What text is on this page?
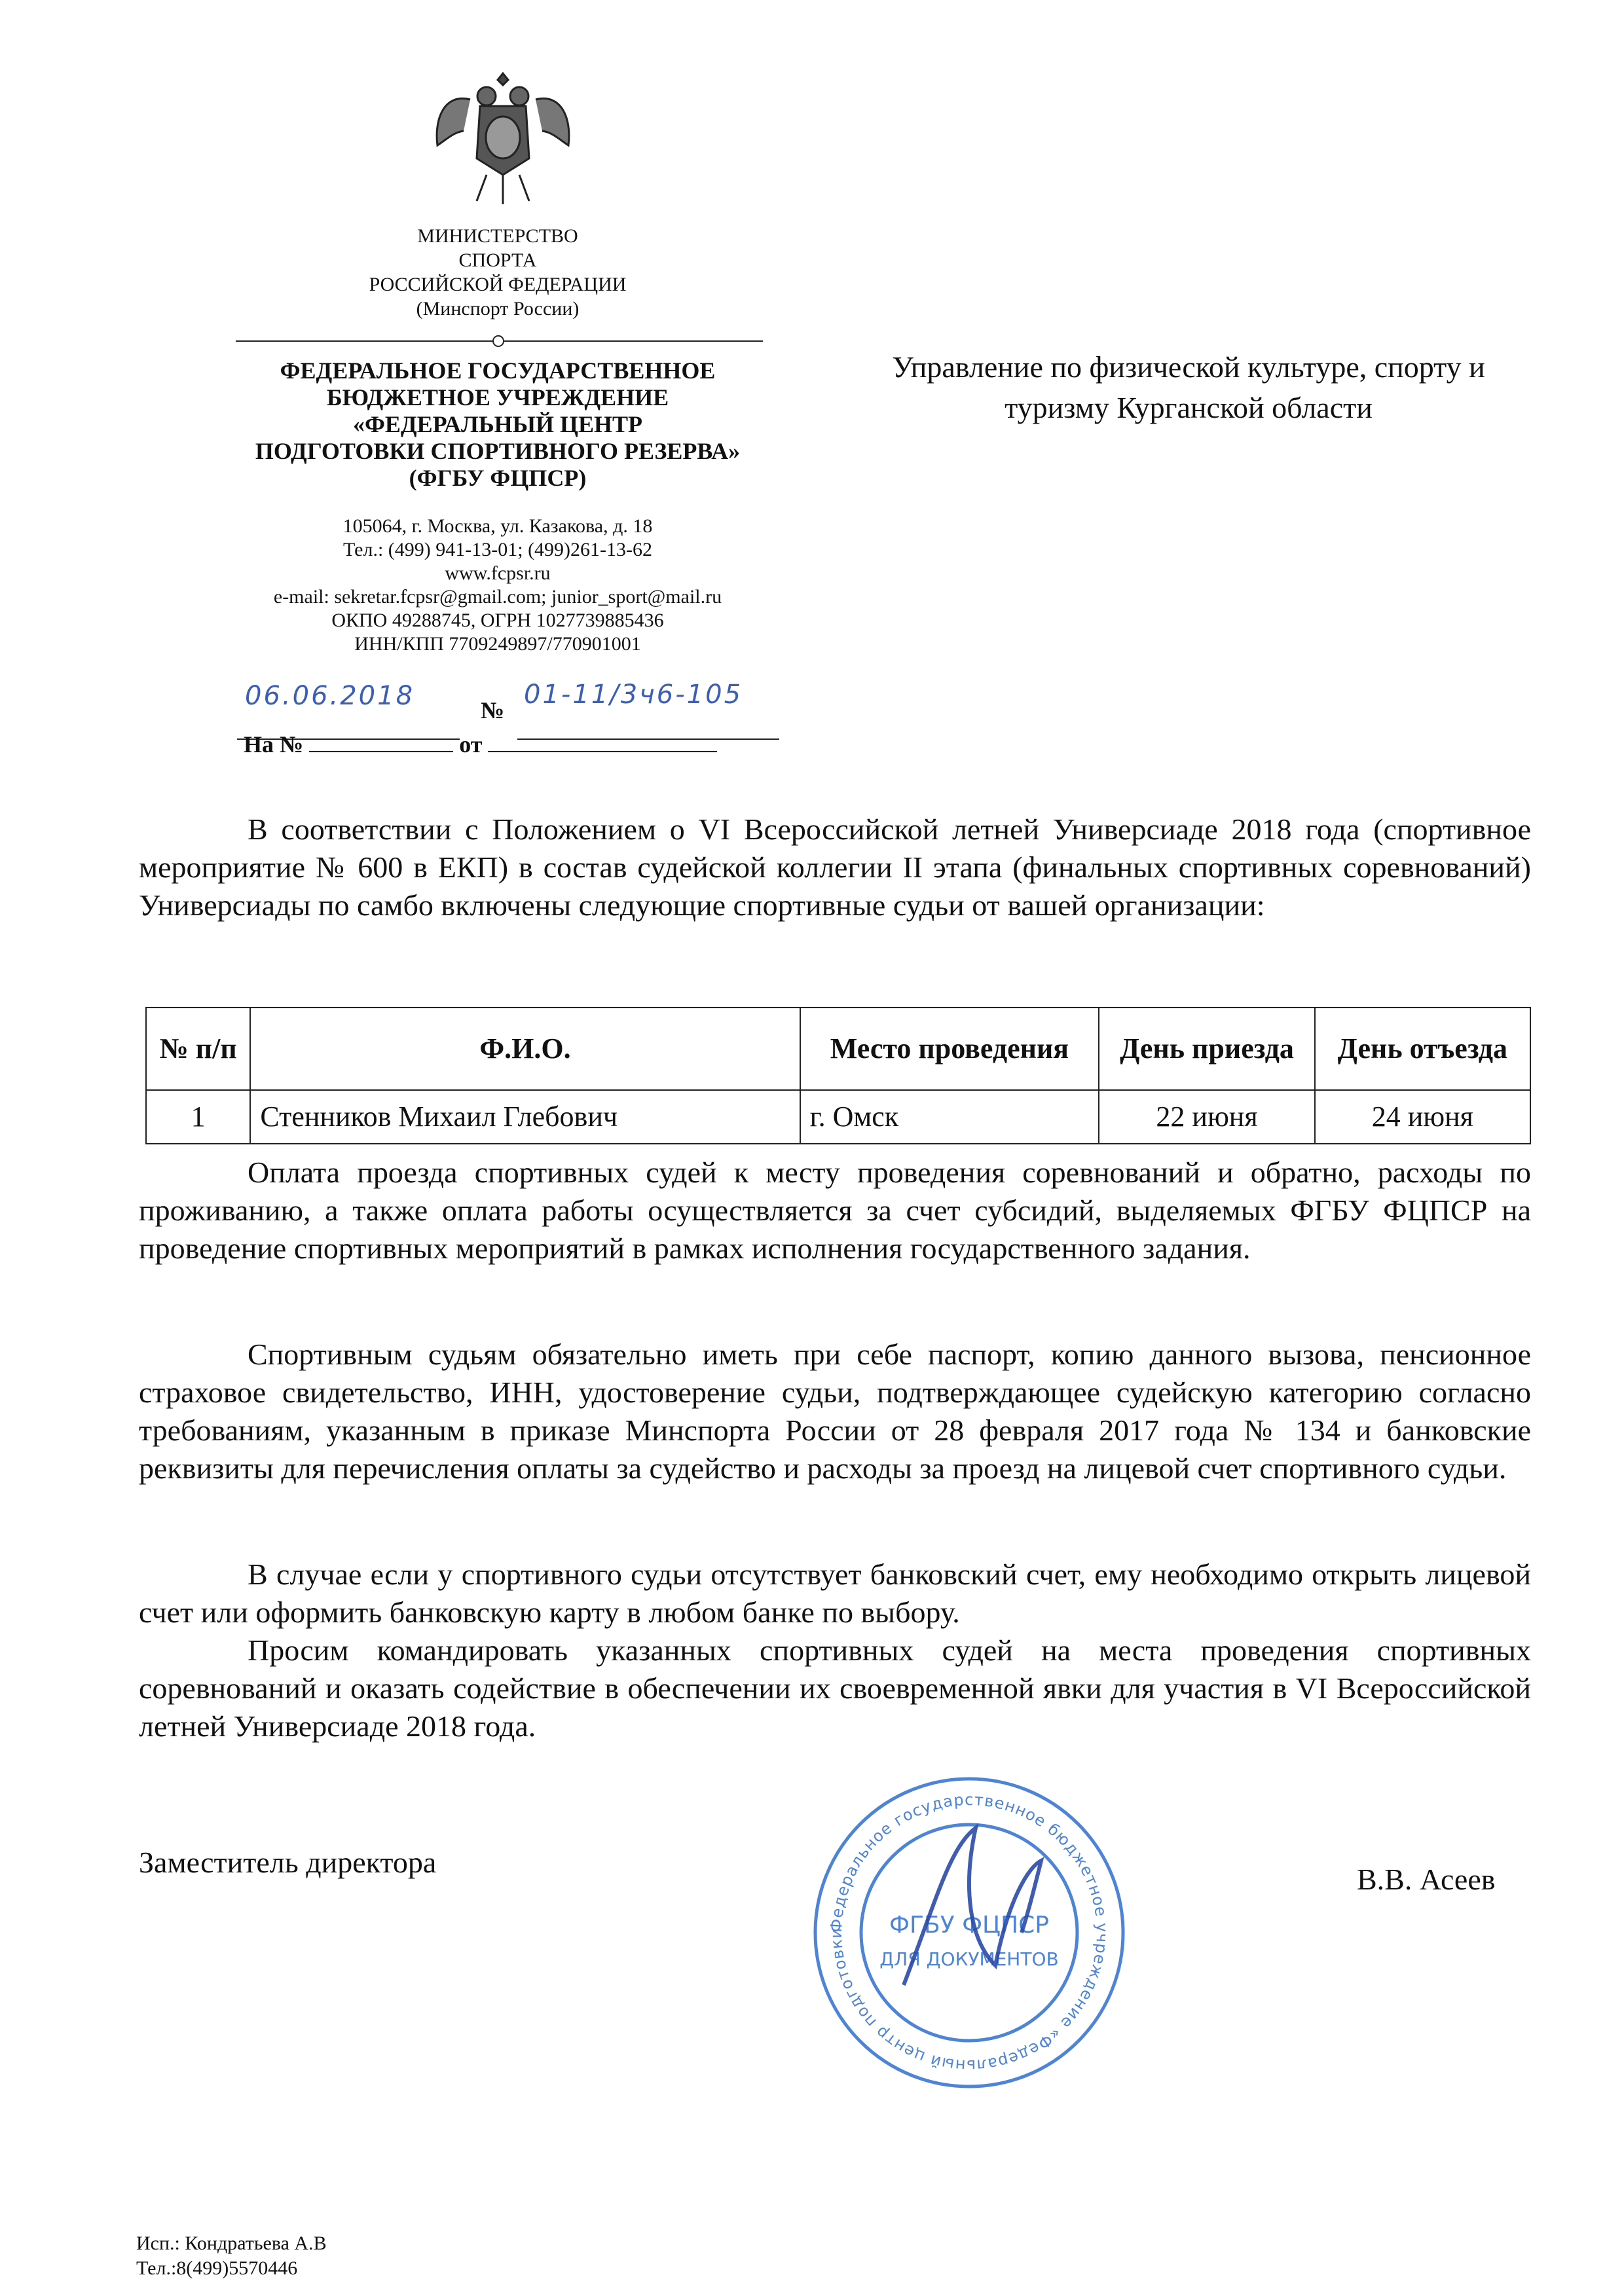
МИНИСТЕРСТВО
СПОРТА
РОССИЙСКОЙ ФЕДЕРАЦИИ
(Минспорт России)
ФЕДЕРАЛЬНОЕ ГОСУДАРСТВЕННОЕ
БЮДЖЕТНОЕ УЧРЕЖДЕНИЕ
«ФЕДЕРАЛЬНЫЙ ЦЕНТР
ПОДГОТОВКИ СПОРТИВНОГО РЕЗЕРВА»
(ФГБУ ФЦПСР)
105064, г. Москва, ул. Казакова, д. 18
Тел.: (499) 941-13-01; (499)261-13-62
www.fcpsr.ru
e-mail: sekretar.fcpsr@gmail.com; junior_sport@mail.ru
ОКПО 49288745, ОГРН 1027739885436
ИНН/КПП 7709249897/770901001
06.06.2018	№
01-11/3ч6-105
На №	от
Управление по физической культуре, спорту и туризму Курганской области
В соответствии с Положением о VI Всероссийской летней Универсиаде 2018 года (спортивное мероприятие № 600 в ЕКП) в состав судейской коллегии II этапа (финальных спортивных соревнований) Универсиады по самбо включены следующие спортивные судьи от вашей организации:
№ п/п	Ф.И.О.	Место проведения	День приезда	День отъезда
1	Стенников Михаил Глебович	г. Омск	22 июня	24 июня
Оплата проезда спортивных судей к месту проведения соревнований и обратно, расходы по проживанию, а также оплата работы осуществляется за счет субсидий, выделяемых ФГБУ ФЦПСР на проведение спортивных мероприятий в рамках исполнения государственного задания.
Спортивным судьям обязательно иметь при себе паспорт, копию данного вызова, пенсионное страховое свидетельство, ИНН, удостоверение судьи, подтверждающее судейскую категорию согласно требованиям, указанным в приказе Минспорта России от 28 февраля 2017 года № 134 и банковские реквизиты для перечисления оплаты за судейство и расходы за проезд на лицевой счет спортивного судьи.
В случае если у спортивного судьи отсутствует банковский счет, ему необходимо открыть лицевой счет или оформить банковскую карту в любом банке по выбору.
Просим командировать указанных спортивных судей на места проведения спортивных соревнований и оказать содействие в обеспечении их своевременной явки для участия в VI Всероссийской летней Универсиаде 2018 года.
Заместитель директора
В.В. Асеев
Федеральное государственное бюджетное учреждение «Федеральный центр подготовки	ФГБУ ФЦПСР
ДЛЯ ДОКУМЕНТОВ
Исп.: Кондратьева А.В
Тел.:8(499)5570446
